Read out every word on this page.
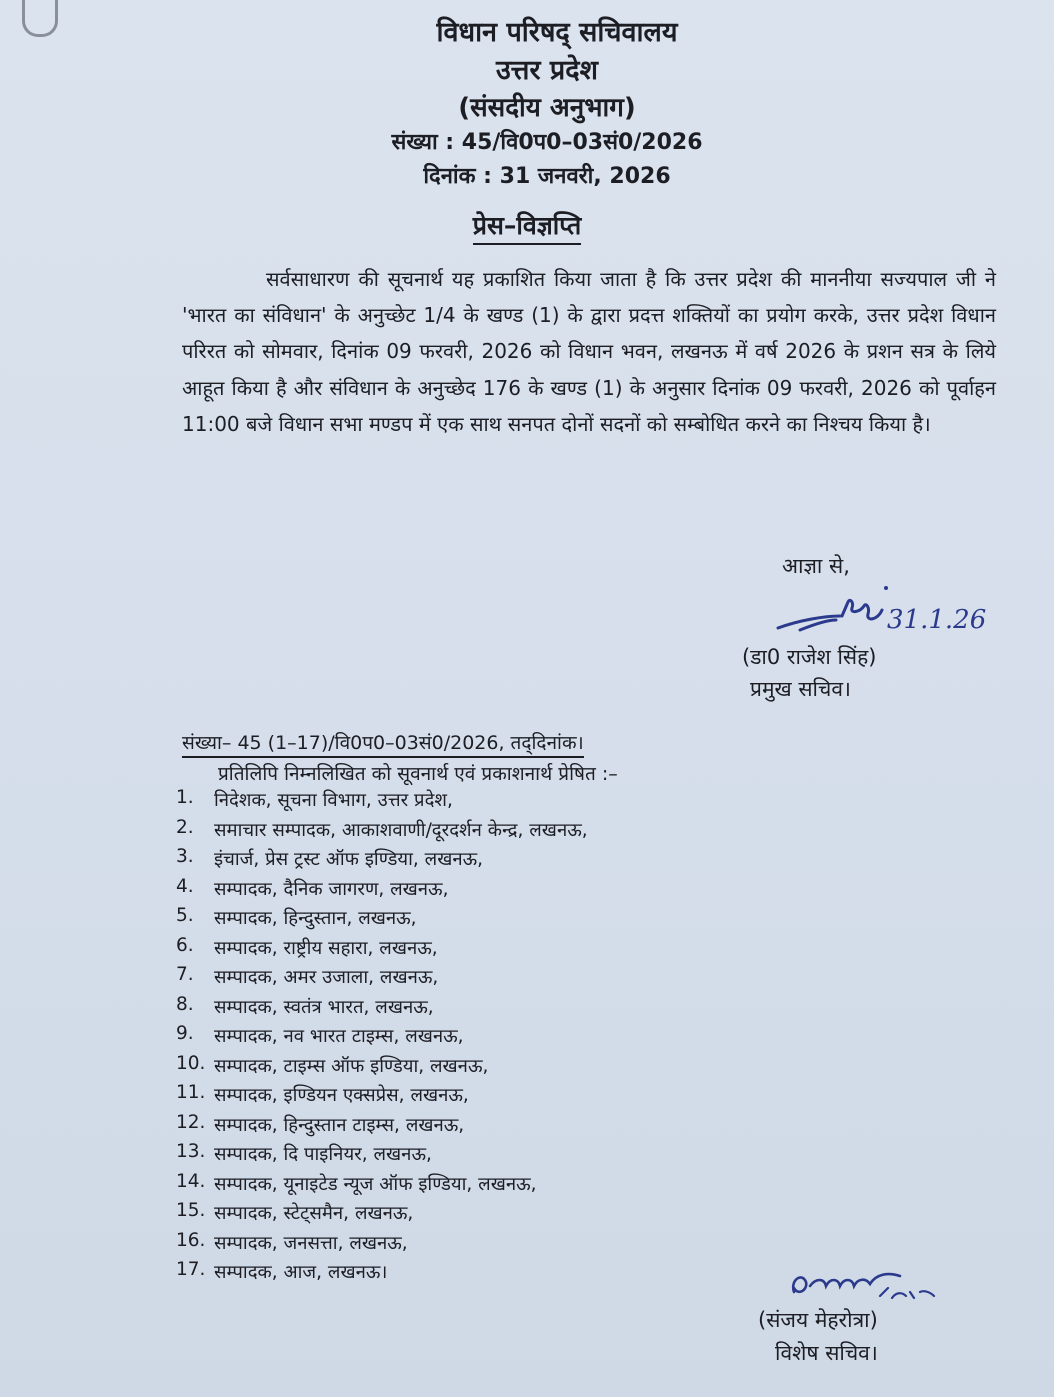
विधान परिषद् सचिवालय
उत्तर प्रदेश
(संसदीय अनुभाग)
संख्या : 45/वि0प0–03सं0/2026
दिनांक : 31 जनवरी, 2026
प्रेस–विज्ञप्ति
सर्वसाधारण की सूचनार्थ यह प्रकाशित किया जाता है कि उत्तर प्रदेश की माननीया सज्यपाल जी ने 'भारत का संविधान' के अनुच्छेट 1/4 के खण्ड (1) के द्वारा प्रदत्त शक्तियों का प्रयोग करके, उत्तर प्रदेश विधान परिरत को सोमवार, दिनांक 09 फरवरी, 2026 को विधान भवन, लखनऊ में वर्ष 2026 के प्रशन सत्र के लिये आहूत किया है और संविधान के अनुच्छेद 176 के खण्ड (1) के अनुसार दिनांक 09 फरवरी, 2026 को पूर्वाहन 11:00 बजे विधान सभा मण्डप में एक साथ सनपत दोनों सदनों को सम्बोधित करने का निश्चय किया है।
आज्ञा से,
31.1.26
(डा0 राजेश सिंह)
प्रमुख सचिव।
संख्या– 45 (1–17)/वि0प0–03सं0/2026, तद्‌दिनांक।
प्रतिलिपि निम्नलिखित को सूवनार्थ एवं प्रकाशनार्थ प्रेषित :–
1.	निदेशक, सूचना विभाग, उत्तर प्रदेश,
2.	समाचार सम्पादक, आकाशवाणी/दूरदर्शन केन्द्र, लखनऊ,
3.	इंचार्ज, प्रेस ट्रस्ट ऑफ इण्डिया, लखनऊ,
4.	सम्पादक, दैनिक जागरण, लखनऊ,
5.	सम्पादक, हिन्दुस्तान, लखनऊ,
6.	सम्पादक, राष्ट्रीय सहारा, लखनऊ,
7.	सम्पादक, अमर उजाला, लखनऊ,
8.	सम्पादक, स्वतंत्र भारत, लखनऊ,
9.	सम्पादक, नव भारत टाइम्स, लखनऊ,
10. सम्पादक, टाइम्स ऑफ इण्डिया, लखनऊ,
11. सम्पादक, इण्डियन एक्सप्रेस, लखनऊ,
12. सम्पादक, हिन्दुस्तान टाइम्स, लखनऊ,
13. सम्पादक, दि पाइनियर, लखनऊ,
14. सम्पादक, यूनाइटेड न्यूज ऑफ इण्डिया, लखनऊ,
15. सम्पादक, स्टेट्समैन, लखनऊ,
16. सम्पादक, जनसत्ता, लखनऊ,
17. सम्पादक, आज, लखनऊ।
(संजय मेहरोत्रा)
विशेष सचिव।
